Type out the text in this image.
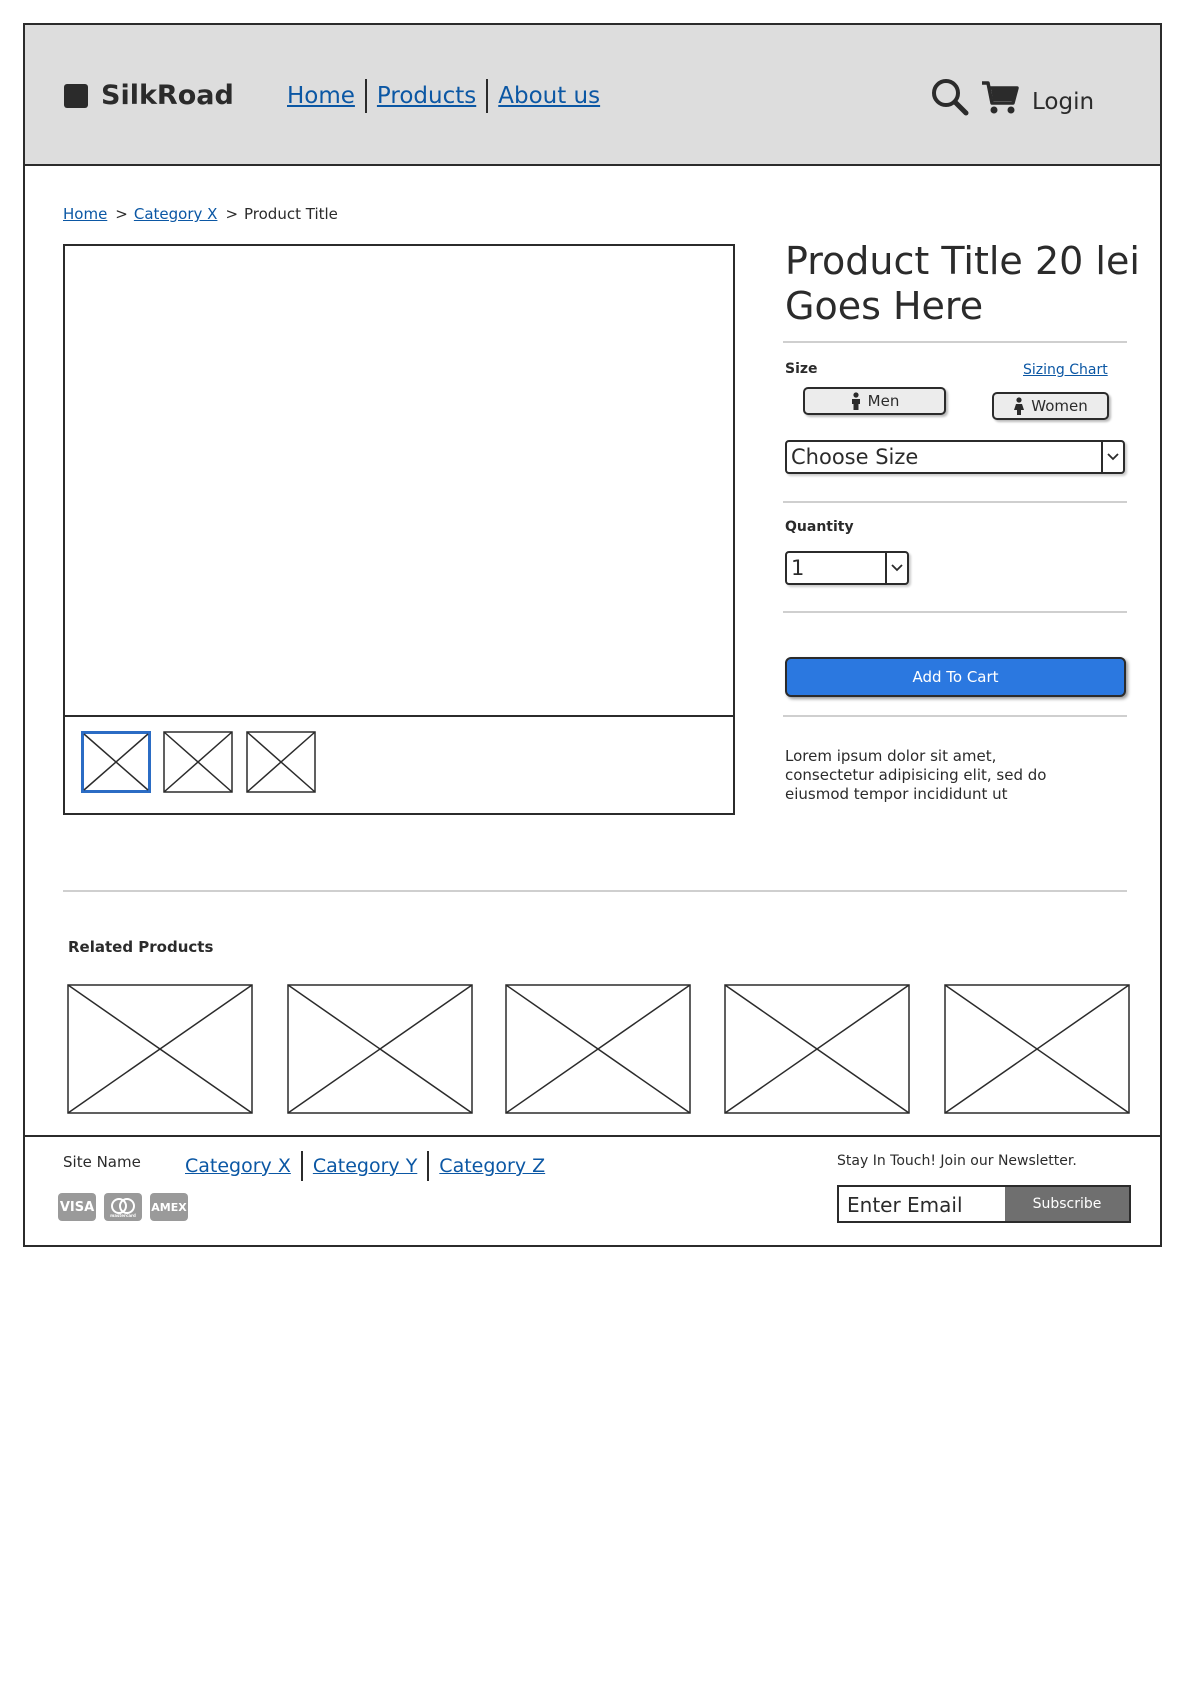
SilkRoad Home Products About us	Login
Home > Category X > Product Title
Product Title Goes Here
20 lei
Size	Sizing Chart
Men	Women
Choose Size
Quantity
1
Add To Cart
Lorem ipsum dolor sit amet, consectetur adipisicing elit, sed do eiusmod tempor incididunt ut
Related Products
Site Name Category X	Category Y	Category Z
VISA
mastercard
AMEX
Stay In Touch! Join our Newsletter.
Enter Email
Subscribe
